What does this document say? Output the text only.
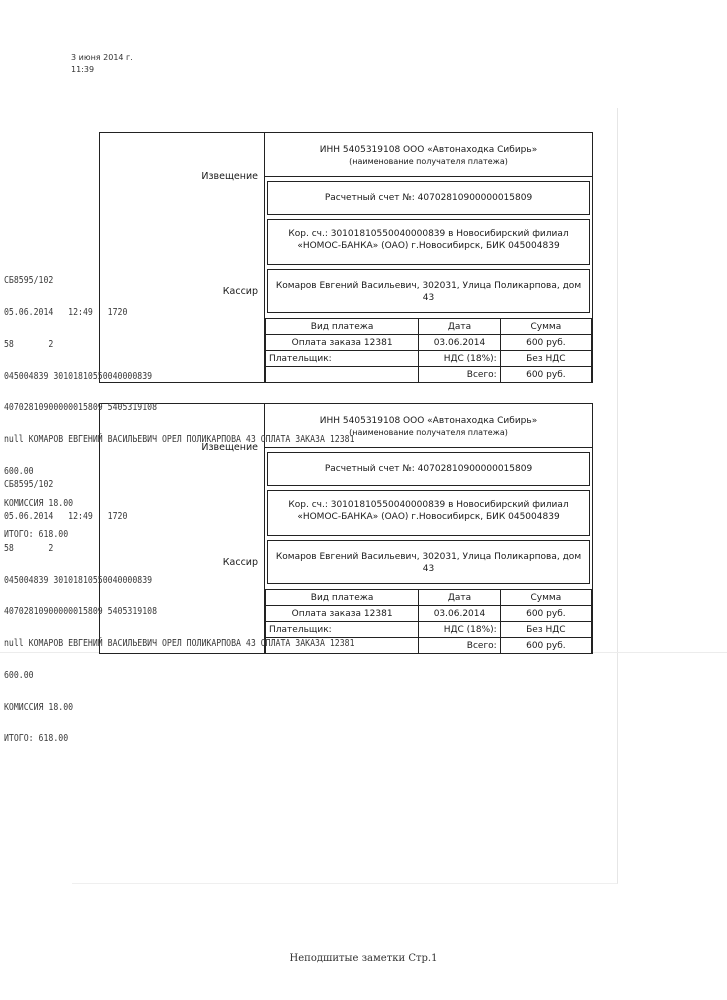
3 июня 2014 г.
11:39
Извещение
Кассир
ИНН 5405319108 ООО «Автонаходка Сибирь»
(наименование получателя платежа)
Расчетный счет №: 40702810900000015809
Кор. сч.: 30101810550040000839 в Новосибирский филиал
«НОМОС-БАНКА» (ОАО) г.Новосибирск, БИК 045004839
Комаров Евгений Васильевич, 302031, Улица Поликарпова, дом
43
Вид платежа	Дата	Сумма
Оплата заказа 12381	03.06.2014	600 руб.
Плательщик:	НДС (18%):	Без НДС
	Всего:	600 руб.
Извещение
Кассир
ИНН 5405319108 ООО «Автонаходка Сибирь»
(наименование получателя платежа)
Расчетный счет №: 40702810900000015809
Кор. сч.: 30101810550040000839 в Новосибирский филиал
«НОМОС-БАНКА» (ОАО) г.Новосибирск, БИК 045004839
Комаров Евгений Васильевич, 302031, Улица Поликарпова, дом
43
Вид платежа	Дата	Сумма
Оплата заказа 12381	03.06.2014	600 руб.
Плательщик:	НДС (18%):	Без НДС
	Всего:	600 руб.

СБ8595/102

05.06.2014   12:49   1720

58       2

045004839 30101810550040000839

40702810900000015809 5405319108

null КОМАРОВ ЕВГЕНИЙ ВАСИЛЬЕВИЧ ОРЕЛ ПОЛИКАРПОВА 43 ОПЛАТА ЗАКАЗА 12381

600.00

КОМИССИЯ 18.00

ИТОГО: 618.00

СБ8595/102

05.06.2014   12:49   1720

58       2

045004839 30101810550040000839

40702810900000015809 5405319108

null КОМАРОВ ЕВГЕНИЙ ВАСИЛЬЕВИЧ ОРЕЛ ПОЛИКАРПОВА 43 ОПЛАТА ЗАКАЗА 12381

600.00

КОМИССИЯ 18.00

ИТОГО: 618.00

Неподшитые заметки Стр.1
